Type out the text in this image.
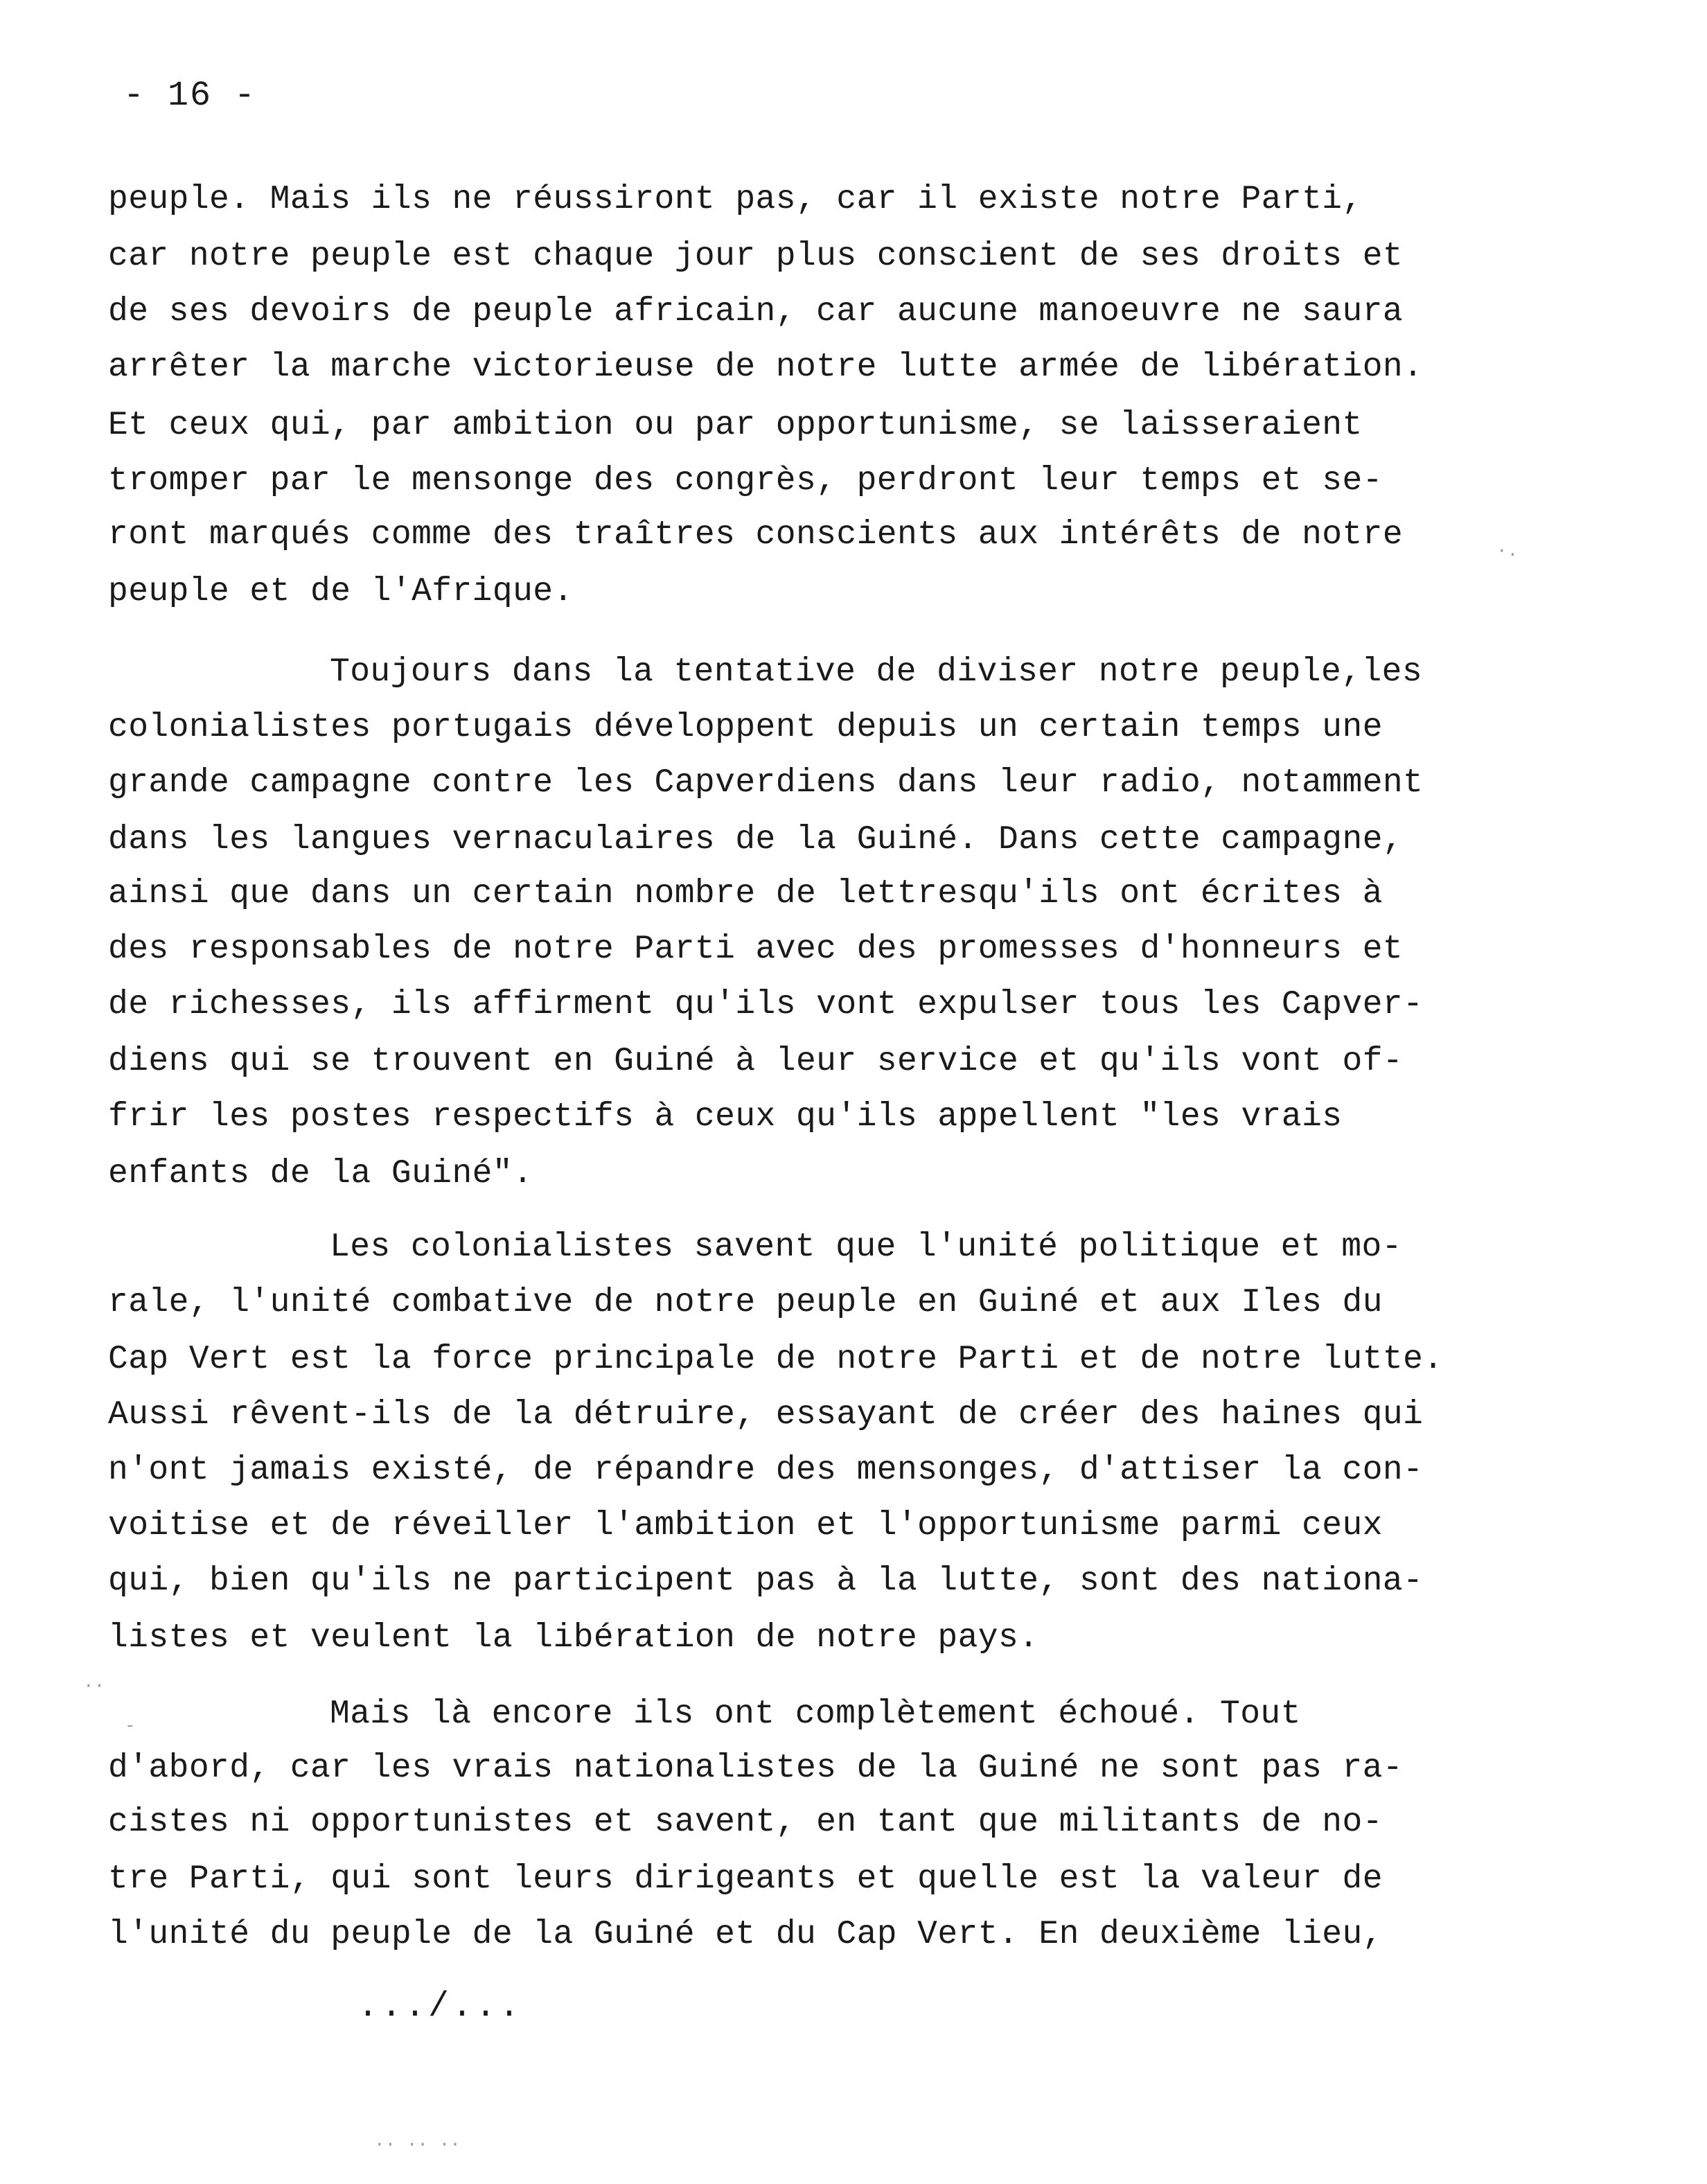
- 16 -
peuple. Mais ils ne réussiront pas, car il existe notre Parti,
car notre peuple est chaque jour plus conscient de ses droits et
de ses devoirs de peuple africain, car aucune manoeuvre ne saura
arrêter la marche victorieuse de notre lutte armée de libération.
Et ceux qui, par ambition ou par opportunisme, se laisseraient
tromper par le mensonge des congrès, perdront leur temps et se-
ront marqués comme des traîtres conscients aux intérêts de notre
peuple et de l'Afrique.
Toujours dans la tentative de diviser notre peuple,les
colonialistes portugais développent depuis un certain temps une
grande campagne contre les Capverdiens dans leur radio, notamment
dans les langues vernaculaires de la Guiné. Dans cette campagne,
ainsi que dans un certain nombre de lettresqu'ils ont écrites à
des responsables de notre Parti avec des promesses d'honneurs et
de richesses, ils affirment qu'ils vont expulser tous les Capver-
diens qui se trouvent en Guiné à leur service et qu'ils vont of-
frir les postes respectifs à ceux qu'ils appellent "les vrais
enfants de la Guiné".
Les colonialistes savent que l'unité politique et mo-
rale, l'unité combative de notre peuple en Guiné et aux Iles du
Cap Vert est la force principale de notre Parti et de notre lutte.
Aussi rêvent-ils de la détruire, essayant de créer des haines qui
n'ont jamais existé, de répandre des mensonges, d'attiser la con-
voitise et de réveiller l'ambition et l'opportunisme parmi ceux
qui, bien qu'ils ne participent pas à la lutte, sont des nationa-
listes et veulent la libération de notre pays.
Mais là encore ils ont complètement échoué. Tout
d'abord, car les vrais nationalistes de la Guiné ne sont pas ra-
cistes ni opportunistes et savent, en tant que militants de no-
tre Parti, qui sont leurs dirigeants et quelle est la valeur de
l'unité du peuple de la Guiné et du Cap Vert. En deuxième lieu,
.../...
·.
··
-
·· ·· ··
